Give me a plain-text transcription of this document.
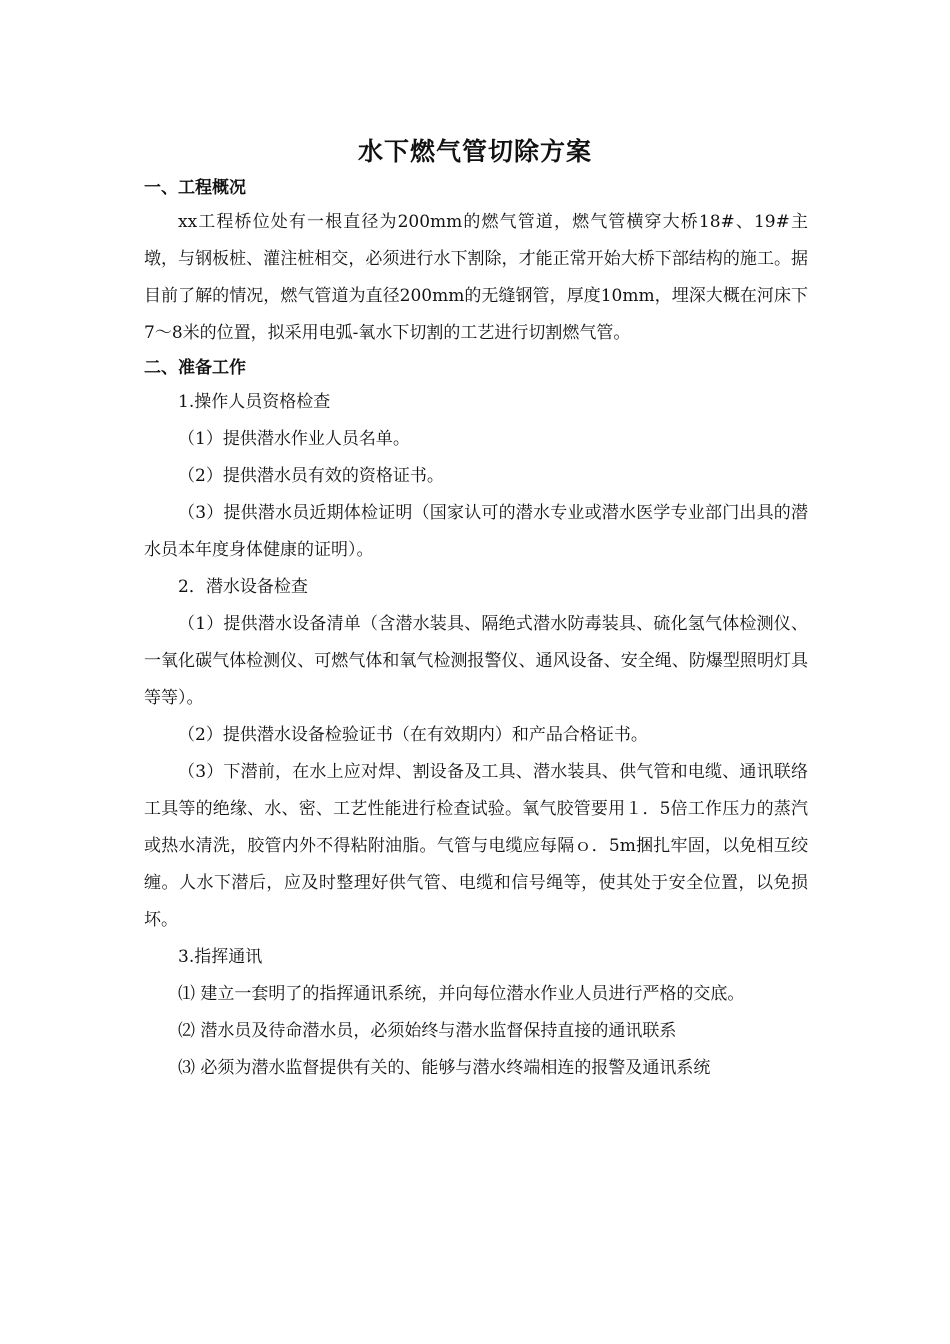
水下燃气管切除方案

一、工程概况

xx工程桥位处有一根直径为200mm的燃气管道，燃气管横穿大桥18#、19#主墩，与钢板桩、灌注桩相交，必须进行水下割除，才能正常开始大桥下部结构的施工。据目前了解的情况，燃气管道为直径200mm的无缝钢管，厚度10mm，埋深大概在河床下7～8米的位置，拟采用电弧-氧水下切割的工艺进行切割燃气管。

二、准备工作

1.操作人员资格检查

（1）提供潜水作业人员名单。

（2）提供潜水员有效的资格证书。

（3）提供潜水员近期体检证明（国家认可的潜水专业或潜水医学专业部门出具的潜水员本年度身体健康的证明）。

2．潜水设备检查

（1）提供潜水设备清单（含潜水装具、隔绝式潜水防毒装具、硫化氢气体检测仪、一氧化碳气体检测仪、可燃气体和氧气检测报警仪、通风设备、安全绳、防爆型照明灯具等等）。

（2）提供潜水设备检验证书（在有效期内）和产品合格证书。

（3）下潜前，在水上应对焊、割设备及工具、潜水装具、供气管和电缆、通讯联络工具等的绝缘、水、密、工艺性能进行检查试验。氧气胶管要用１．5倍工作压力的蒸汽或热水清洗，胶管内外不得粘附油脂。气管与电缆应每隔ｏ．5m捆扎牢固，以免相互绞缠。人水下潜后，应及时整理好供气管、电缆和信号绳等，使其处于安全位置，以免损坏。

3.指挥通讯

⑴ 建立一套明了的指挥通讯系统，并向每位潜水作业人员进行严格的交底。

⑵ 潜水员及待命潜水员，必须始终与潜水监督保持直接的通讯联系

⑶ 必须为潜水监督提供有关的、能够与潜水终端相连的报警及通讯系统
